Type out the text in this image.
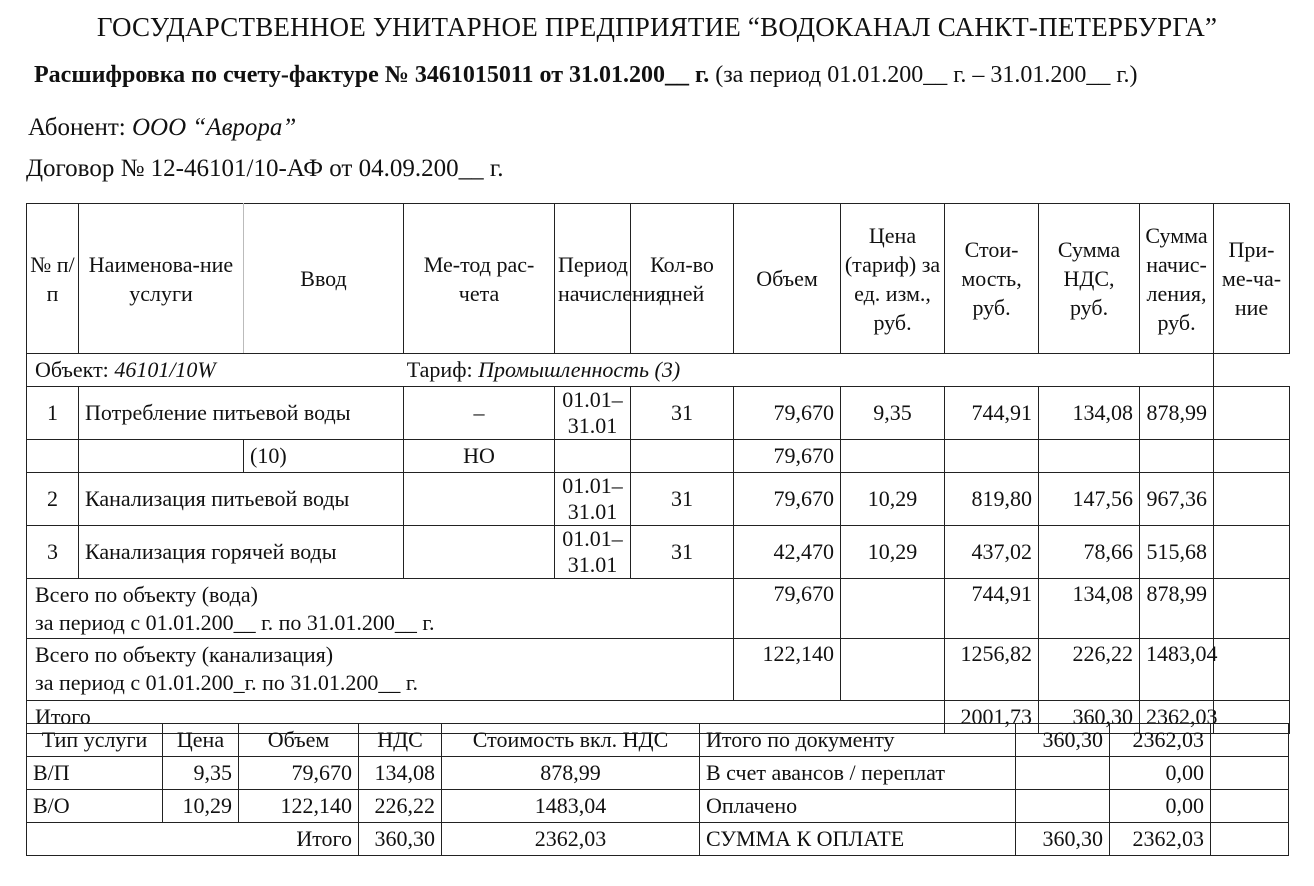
ГОСУДАРСТВЕННОЕ УНИТАРНОЕ ПРЕДПРИЯТИЕ “ВОДОКАНАЛ САНКТ-ПЕТЕРБУРГА”
Расшифровка по счету-фактуре № 3461015011 от 31.01.200__ г. (за период 01.01.200__ г. – 31.01.200__ г.)
Абонент: ООО “Аврора”
Договор № 12-46101/10-АФ от 04.09.200__ г.
№ п/п	Наименова-ние услуги	Ввод	Ме-тод рас-чета	Период начисления	Кол-во дней	Объем	Цена (тариф) за ед. изм., руб.	Стои-мость, руб.	Сумма НДС, руб.	Сумма начис-ления, руб.	При-ме-ча-ние
Объект: 46101/10W Тариф: Промышленность (3)											
1	Потребление питьевой воды		–	01.01–31.01	31	79,670	9,35	744,91	134,08	878,99	
		(10)	НО			79,670					
2	Канализация питьевой воды			01.01–31.01	31	79,670	10,29	819,80	147,56	967,36	
3	Канализация горячей воды			01.01–31.01	31	42,470	10,29	437,02	78,66	515,68	

Всего по объекту (вода)
за период с 01.01.200__ г. по 31.01.200__ г.						79,670		744,91	134,08	878,99	

Всего по объекту (канализация)
за период с 01.01.200_г. по 31.01.200__ г.						122,140		1256,82	226,22	1483,04	
Итого								2001,73	360,30	2362,03	
Тип услуги	Цена	Объем	НДС	Стоимость вкл. НДС	Итого по документу	360,30	2362,03	
В/П	9,35	79,670	134,08	878,99	В счет авансов / переплат		0,00	
В/О	10,29	122,140	226,22	1483,04	Оплачено		0,00	
Итого			360,30	2362,03	СУММА К ОПЛАТЕ	360,30	2362,03	
